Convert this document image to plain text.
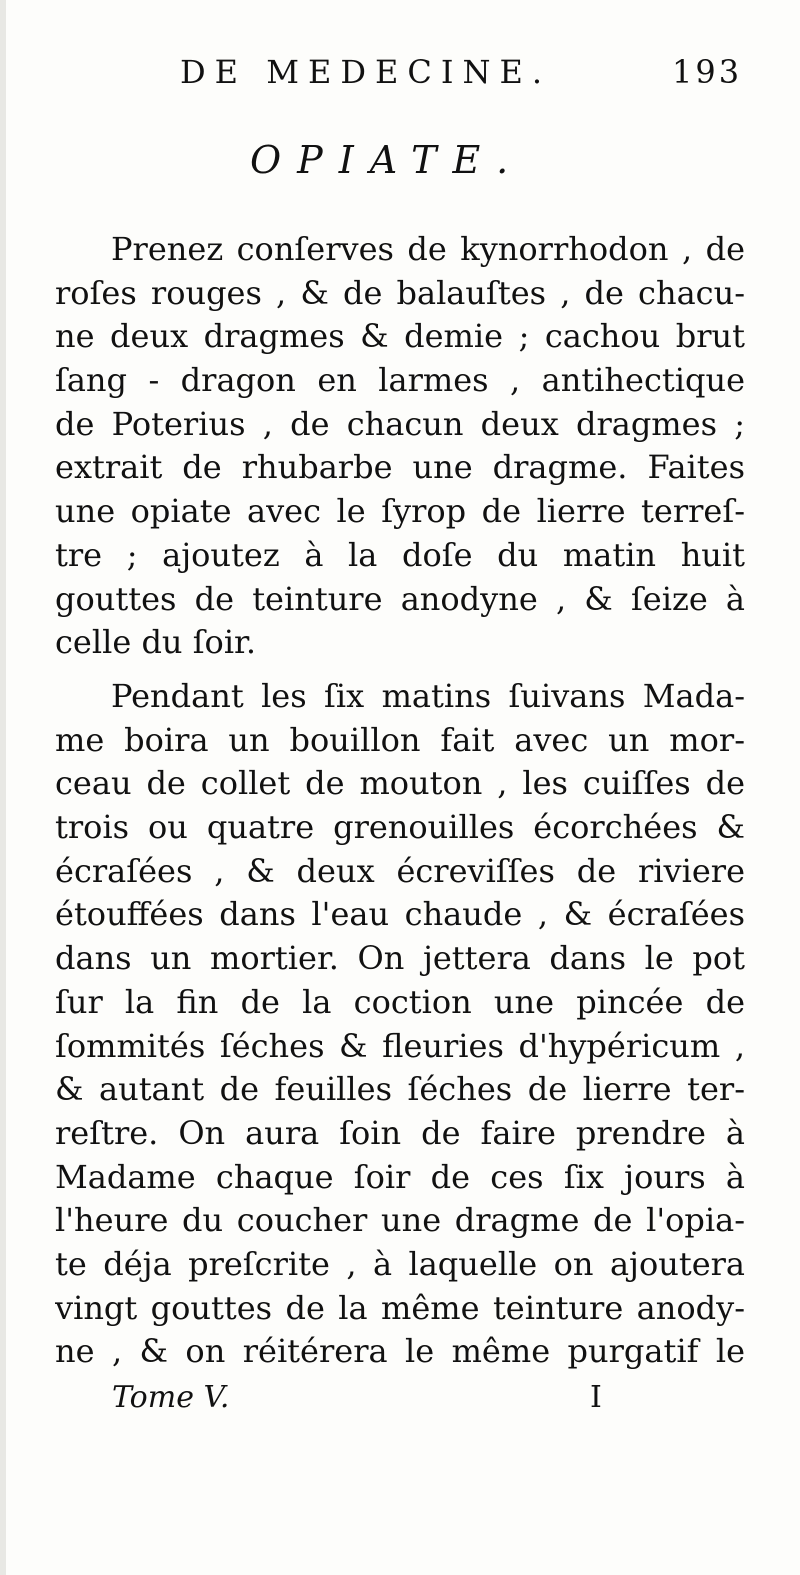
DE MEDECINE.	193
OPIATE.
Prenez conſerves de kynorrhodon , de
roſes rouges , & de balauſtes , de chacu-
ne deux dragmes & demie ; cachou brut
ſang - dragon en larmes , antihectique
de Poterius , de chacun deux dragmes ;
extrait de rhubarbe une dragme. Faites
une opiate avec le ſyrop de lierre terreſ-
tre ; ajoutez à la doſe du matin huit
gouttes de teinture anodyne , & ſeize à
celle du ſoir.
Pendant les ſix matins ſuivans Mada-
me boira un bouillon fait avec un mor-
ceau de collet de mouton , les cuiſſes de
trois ou quatre grenouilles écorchées &
écraſées , & deux écreviſſes de riviere
étouffées dans l'eau chaude , & écraſées
dans un mortier. On jettera dans le pot
ſur la fin de la coction une pincée de
ſommités ſéches & fleuries d'hypéricum ,
& autant de feuilles ſéches de lierre ter-
reſtre. On aura ſoin de faire prendre à
Madame chaque ſoir de ces ſix jours à
l'heure du coucher une dragme de l'opia-
te déja preſcrite , à laquelle on ajoutera
vingt gouttes de la même teinture anody-
ne , & on réitérera le même purgatif le
Tome V.	I
